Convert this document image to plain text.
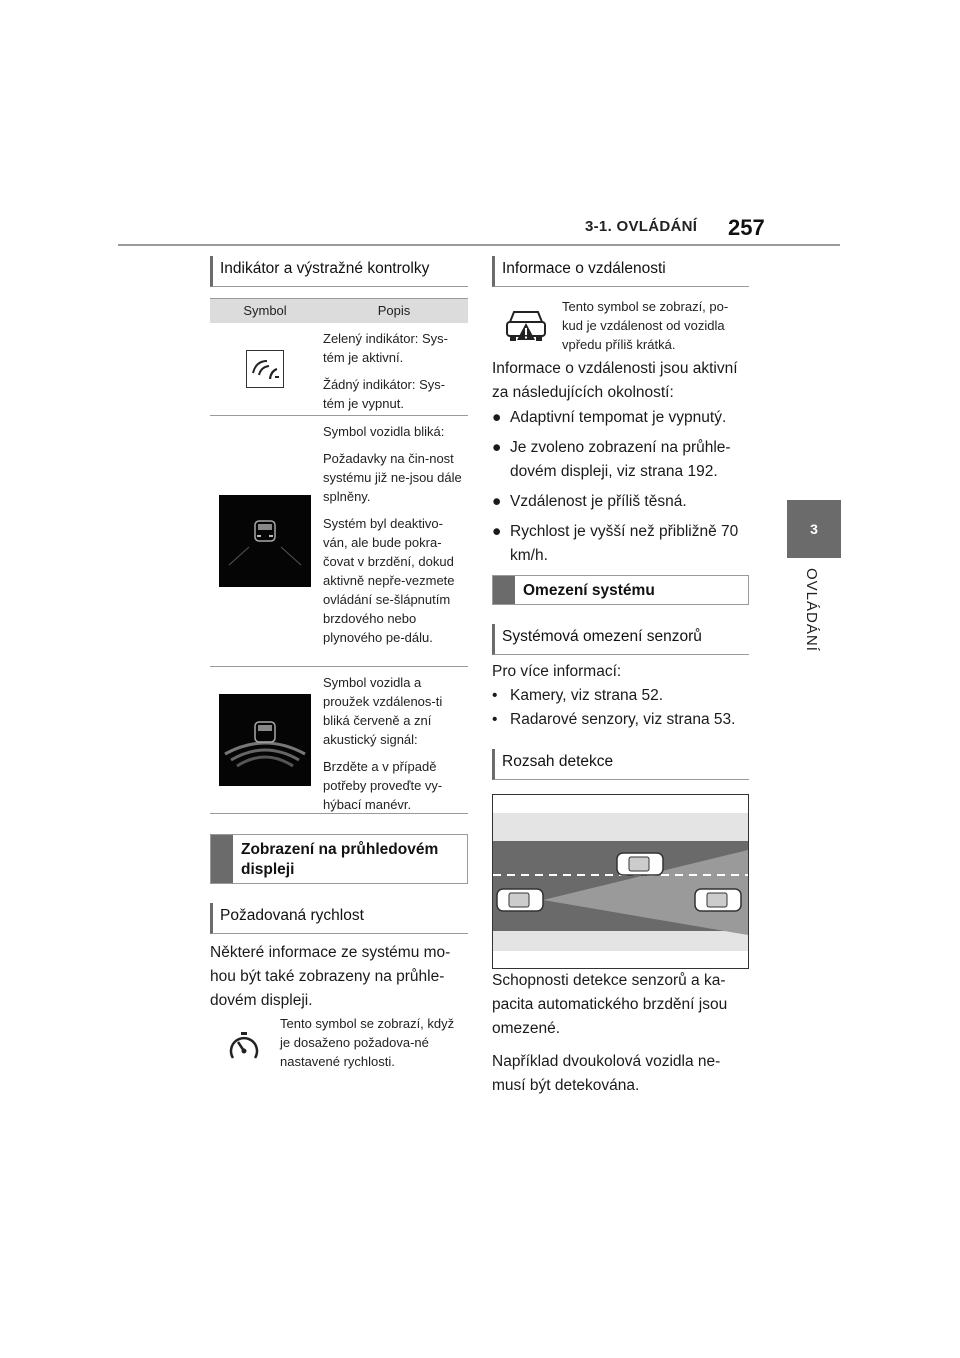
3-1. OVLÁDÁNÍ 257
3
OVLÁDÁNÍ
Indikátor a výstražné kontrolky
Symbol	Popis

Zelený indikátor: Sys-tém je aktivní.

Žádný indikátor: Sys-tém je vypnut.

Symbol vozidla bliká:

Požadavky na čin-nost systému již ne-jsou dále splněny.

Systém byl deaktivo-ván, ale bude pokra-čovat v brzdění, dokud aktivně nepře-vezmete ovládání se-šlápnutím brzdového nebo plynového pe-dálu.

Symbol vozidla a proužek vzdálenos-ti bliká červeně a zní akustický signál:

Brzděte a v případě potřeby proveďte vy-hýbací manévr.

Zobrazení na průhledovém displeji
Požadovaná rychlost
Některé informace ze systému mo-hou být také zobrazeny na průhle-dovém displeji.
Tento symbol se zobrazí, když je dosaženo požadova-né nastavené rychlosti.
Informace o vzdálenosti
Tento symbol se zobrazí, po-kud je vzdálenost od vozidla vpředu příliš krátká.
Informace o vzdálenosti jsou aktivní za následujících okolností:
● Adaptivní tempomat je vypnutý.
● Je zvoleno zobrazení na průhle-dovém displeji, viz strana 192.
● Vzdálenost je příliš těsná.
● Rychlost je vyšší než přibližně 70 km/h.
Omezení systému
Systémová omezení senzorů

Pro více informací:

• Kamery, viz strana 52.
• Radarové senzory, viz strana 53.
Rozsah detekce

Schopnosti detekce senzorů a ka-pacita automatického brzdění jsou omezené.

Například dvoukolová vozidla ne-musí být detekována.
